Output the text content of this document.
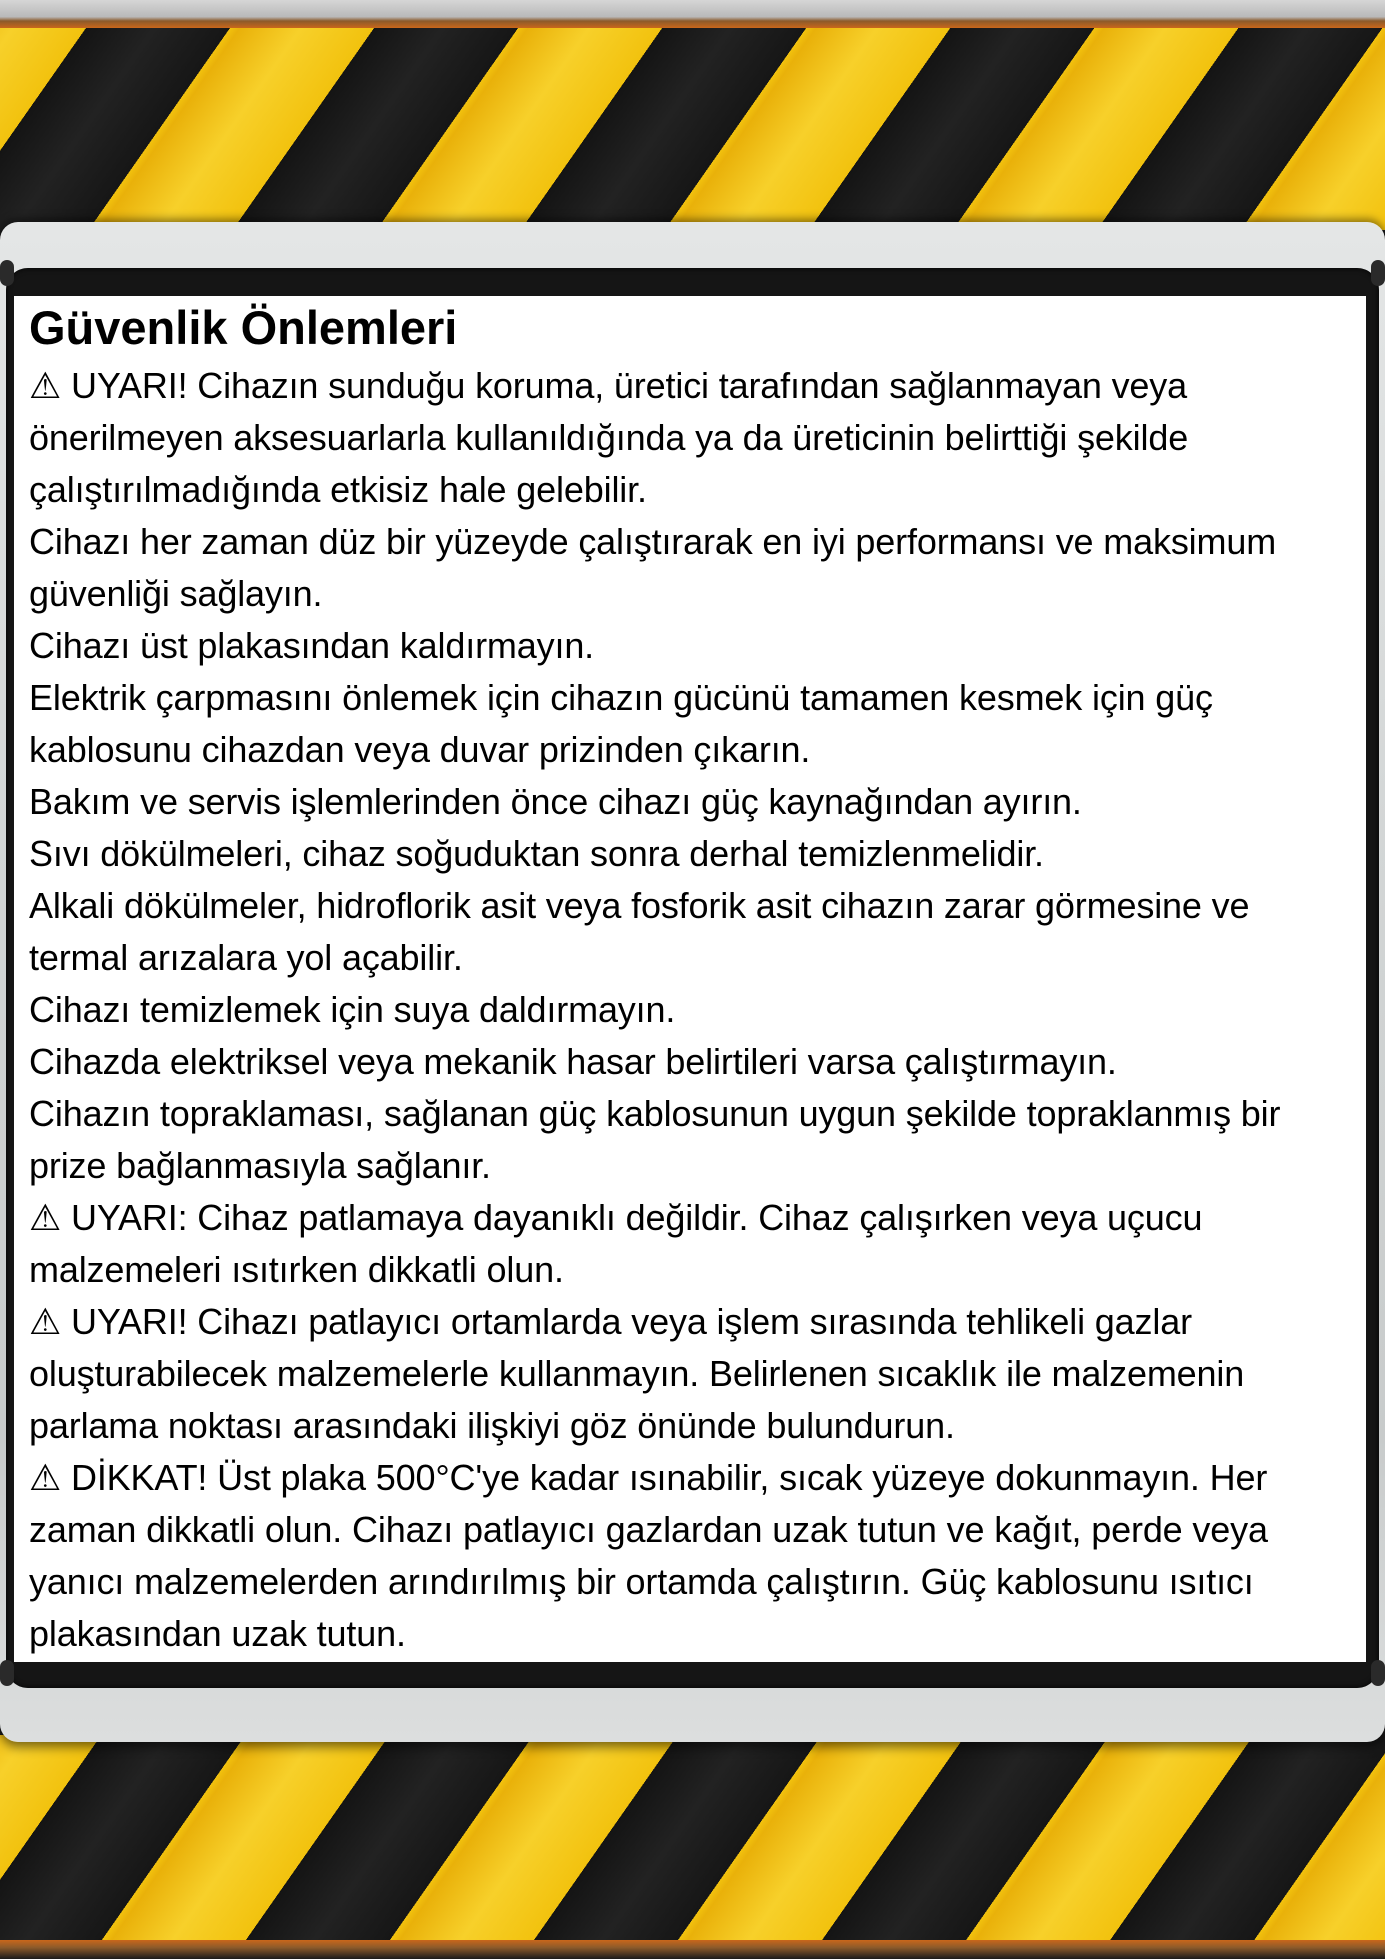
Güvenlik Önlemleri
⚠ UYARI! Cihazın sunduğu koruma, üretici tarafından sağlanmayan veya
önerilmeyen aksesuarlarla kullanıldığında ya da üreticinin belirttiği şekilde
çalıştırılmadığında etkisiz hale gelebilir.
Cihazı her zaman düz bir yüzeyde çalıştırarak en iyi performansı ve maksimum
güvenliği sağlayın.
Cihazı üst plakasından kaldırmayın.
Elektrik çarpmasını önlemek için cihazın gücünü tamamen kesmek için güç
kablosunu cihazdan veya duvar prizinden çıkarın.
Bakım ve servis işlemlerinden önce cihazı güç kaynağından ayırın.
Sıvı dökülmeleri, cihaz soğuduktan sonra derhal temizlenmelidir.
Alkali dökülmeler, hidroflorik asit veya fosforik asit cihazın zarar görmesine ve
termal arızalara yol açabilir.
Cihazı temizlemek için suya daldırmayın.
Cihazda elektriksel veya mekanik hasar belirtileri varsa çalıştırmayın.
Cihazın topraklaması, sağlanan güç kablosunun uygun şekilde topraklanmış bir
prize bağlanmasıyla sağlanır.
⚠ UYARI: Cihaz patlamaya dayanıklı değildir. Cihaz çalışırken veya uçucu
malzemeleri ısıtırken dikkatli olun.
⚠ UYARI! Cihazı patlayıcı ortamlarda veya işlem sırasında tehlikeli gazlar
oluşturabilecek malzemelerle kullanmayın. Belirlenen sıcaklık ile malzemenin
parlama noktası arasındaki ilişkiyi göz önünde bulundurun.
⚠ DİKKAT! Üst plaka 500°C'ye kadar ısınabilir, sıcak yüzeye dokunmayın. Her
zaman dikkatli olun. Cihazı patlayıcı gazlardan uzak tutun ve kağıt, perde veya
yanıcı malzemelerden arındırılmış bir ortamda çalıştırın. Güç kablosunu ısıtıcı
plakasından uzak tutun.
